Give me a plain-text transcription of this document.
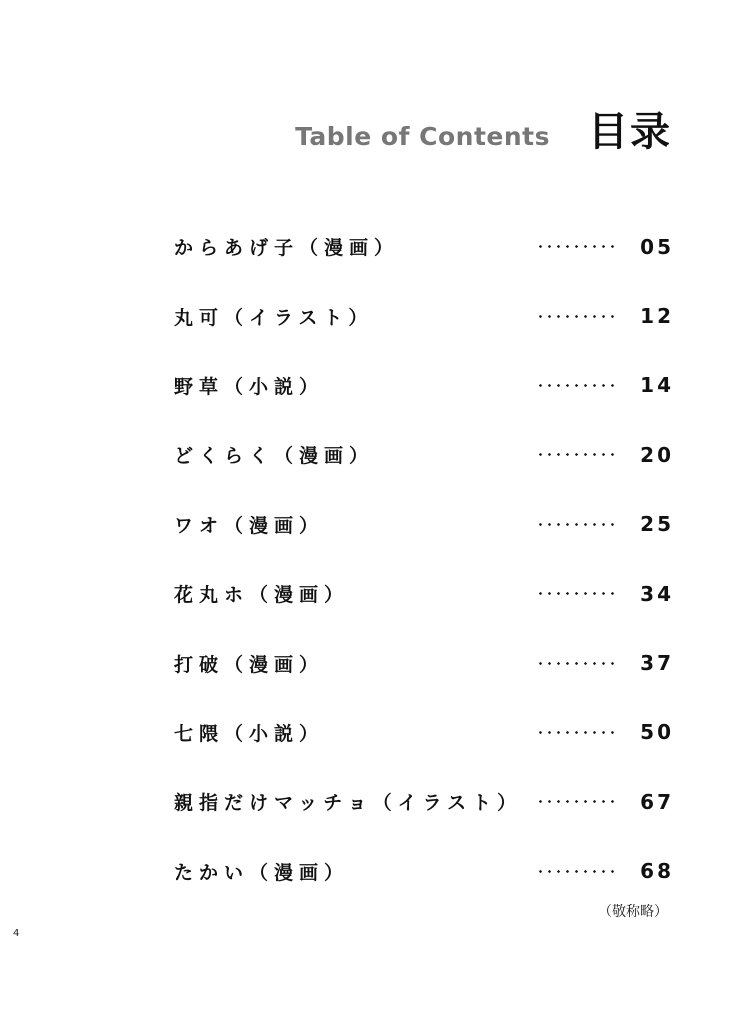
Table of Contents 目录
からあげ子（漫画）	05
丸可（イラスト）	12
野草（小説）	14
どくらく（漫画）	20
ワオ（漫画）	25
花丸ホ（漫画）	34
打破（漫画）	37
七隈（小説）	50
親指だけマッチョ（イラスト）	67
たかい（漫画）	68
（敬称略）
4
